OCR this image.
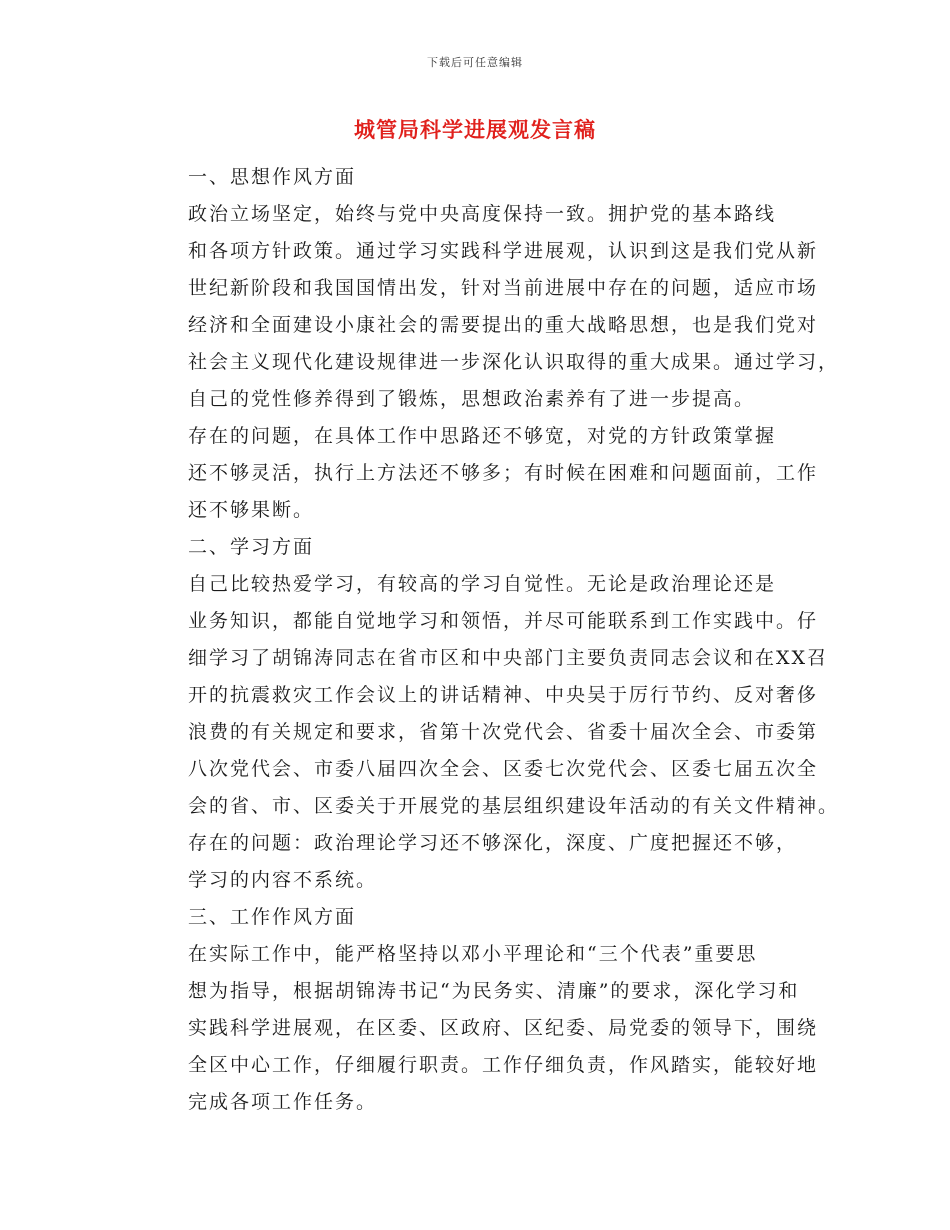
下载后可任意编辑
城管局科学进展观发言稿

一、思想作风方面

政治立场坚定，始终与党中央高度保持一致。拥护党的基本路线
和各项方针政策。通过学习实践科学进展观，认识到这是我们党从新
世纪新阶段和我国国情出发，针对当前进展中存在的问题，适应市场
经济和全面建设小康社会的需要提出的重大战略思想，也是我们党对
社会主义现代化建设规律进一步深化认识取得的重大成果。通过学习，
自己的党性修养得到了锻炼，思想政治素养有了进一步提高。

存在的问题，在具体工作中思路还不够宽，对党的方针政策掌握
还不够灵活，执行上方法还不够多；有时候在困难和问题面前，工作
还不够果断。

二、学习方面

自己比较热爱学习，有较高的学习自觉性。无论是政治理论还是
业务知识，都能自觉地学习和领悟，并尽可能联系到工作实践中。仔
细学习了胡锦涛同志在省市区和中央部门主要负责同志会议和在XX召
开的抗震救灾工作会议上的讲话精神、中央吴于厉行节约、反对奢侈
浪费的有关规定和要求，省第十次党代会、省委十届次全会、市委第
八次党代会、市委八届四次全会、区委七次党代会、区委七届五次全
会的省、市、区委关于开展党的基层组织建设年活动的有关文件精神。

存在的问题：政治理论学习还不够深化，深度、广度把握还不够，
学习的内容不系统。

三、工作作风方面

在实际工作中，能严格坚持以邓小平理论和“三个代表”重要思
想为指导，根据胡锦涛书记“为民务实、清廉”的要求，深化学习和
实践科学进展观，在区委、区政府、区纪委、局党委的领导下，围绕
全区中心工作，仔细履行职责。工作仔细负责，作风踏实，能较好地
完成各项工作任务。
